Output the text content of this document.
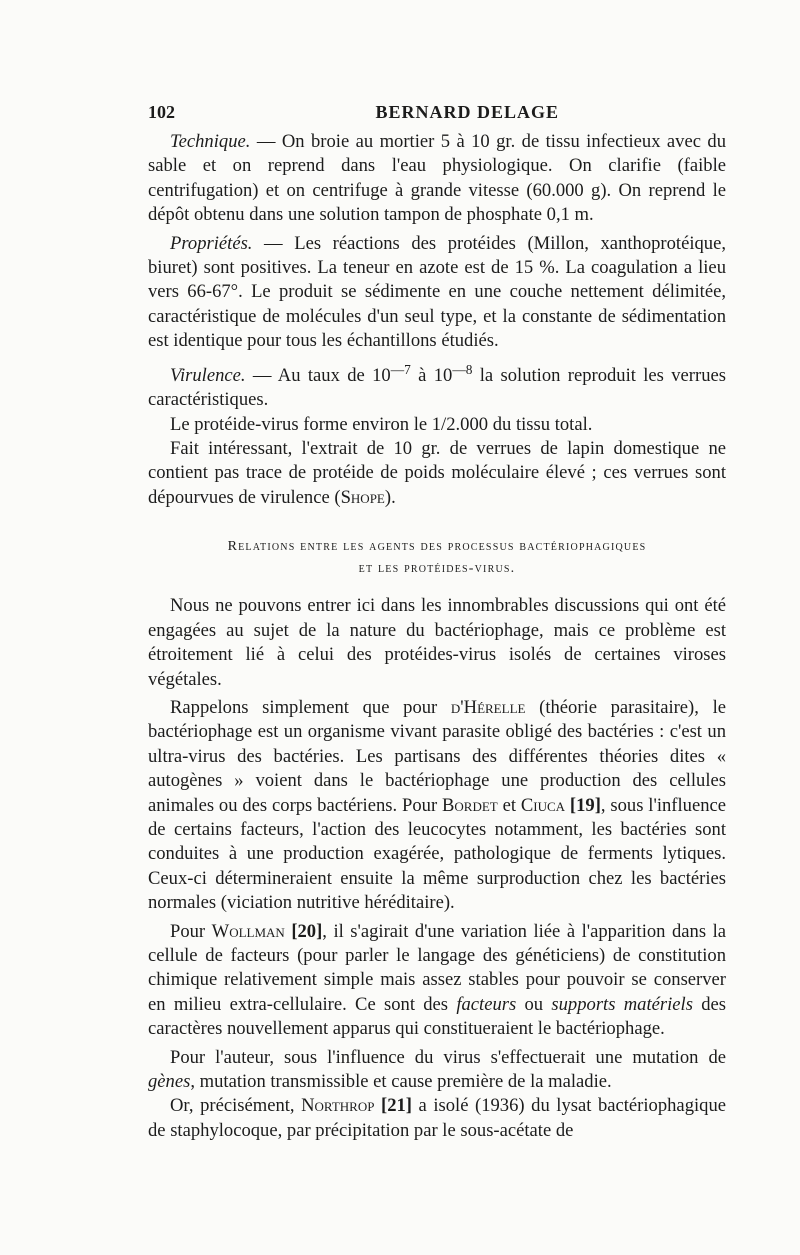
102	BERNARD DELAGE

Technique. — On broie au mortier 5 à 10 gr. de tissu infectieux avec du sable et on reprend dans l'eau physiologique. On clarifie (faible centrifugation) et on centrifuge à grande vitesse (60.000 g). On reprend le dépôt obtenu dans une solution tampon de phosphate 0,1 m.

Propriétés. — Les réactions des protéides (Millon, xanthoprotéique, biuret) sont positives. La teneur en azote est de 15 %. La coagulation a lieu vers 66-67°. Le produit se sédimente en une couche nettement délimitée, caractéristique de molécules d'un seul type, et la constante de sédimentation est identique pour tous les échantillons étudiés.

Virulence. — Au taux de $10^{—7}$ à $10^{—8}$ la solution reproduit les verrues caractéristiques.

Le protéide-virus forme environ le 1/2.000 du tissu total.

Fait intéressant, l'extrait de 10 gr. de verrues de lapin domestique ne contient pas trace de protéide de poids moléculaire élevé ; ces verrues sont dépourvues de virulence (Shope).

Relations entre les agents des processus bactériophagiques
et les protéides-virus.

Nous ne pouvons entrer ici dans les innombrables discussions qui ont été engagées au sujet de la nature du bactériophage, mais ce problème est étroitement lié à celui des protéides-virus isolés de certaines viroses végétales.

Rappelons simplement que pour d'Hérelle (théorie parasitaire), le bactériophage est un organisme vivant parasite obligé des bactéries : c'est un ultra-virus des bactéries. Les partisans des différentes théories dites « autogènes » voient dans le bactériophage une production des cellules animales ou des corps bactériens. Pour Bordet et Ciuca [19], sous l'influence de certains facteurs, l'action des leucocytes notamment, les bactéries sont conduites à une production exagérée, pathologique de ferments lytiques. Ceux-ci détermineraient ensuite la même surproduction chez les bactéries normales (viciation nutritive héréditaire).

Pour Wollman [20], il s'agirait d'une variation liée à l'apparition dans la cellule de facteurs (pour parler le langage des généticiens) de constitution chimique relativement simple mais assez stables pour pouvoir se conserver en milieu extra-cellulaire. Ce sont des facteurs ou supports matériels des caractères nouvellement apparus qui constitueraient le bactériophage.

Pour l'auteur, sous l'influence du virus s'effectuerait une mutation de gènes, mutation transmissible et cause première de la maladie.

Or, précisément, Northrop [21] a isolé (1936) du lysat bactériophagique de staphylocoque, par précipitation par le sous-acétate de
